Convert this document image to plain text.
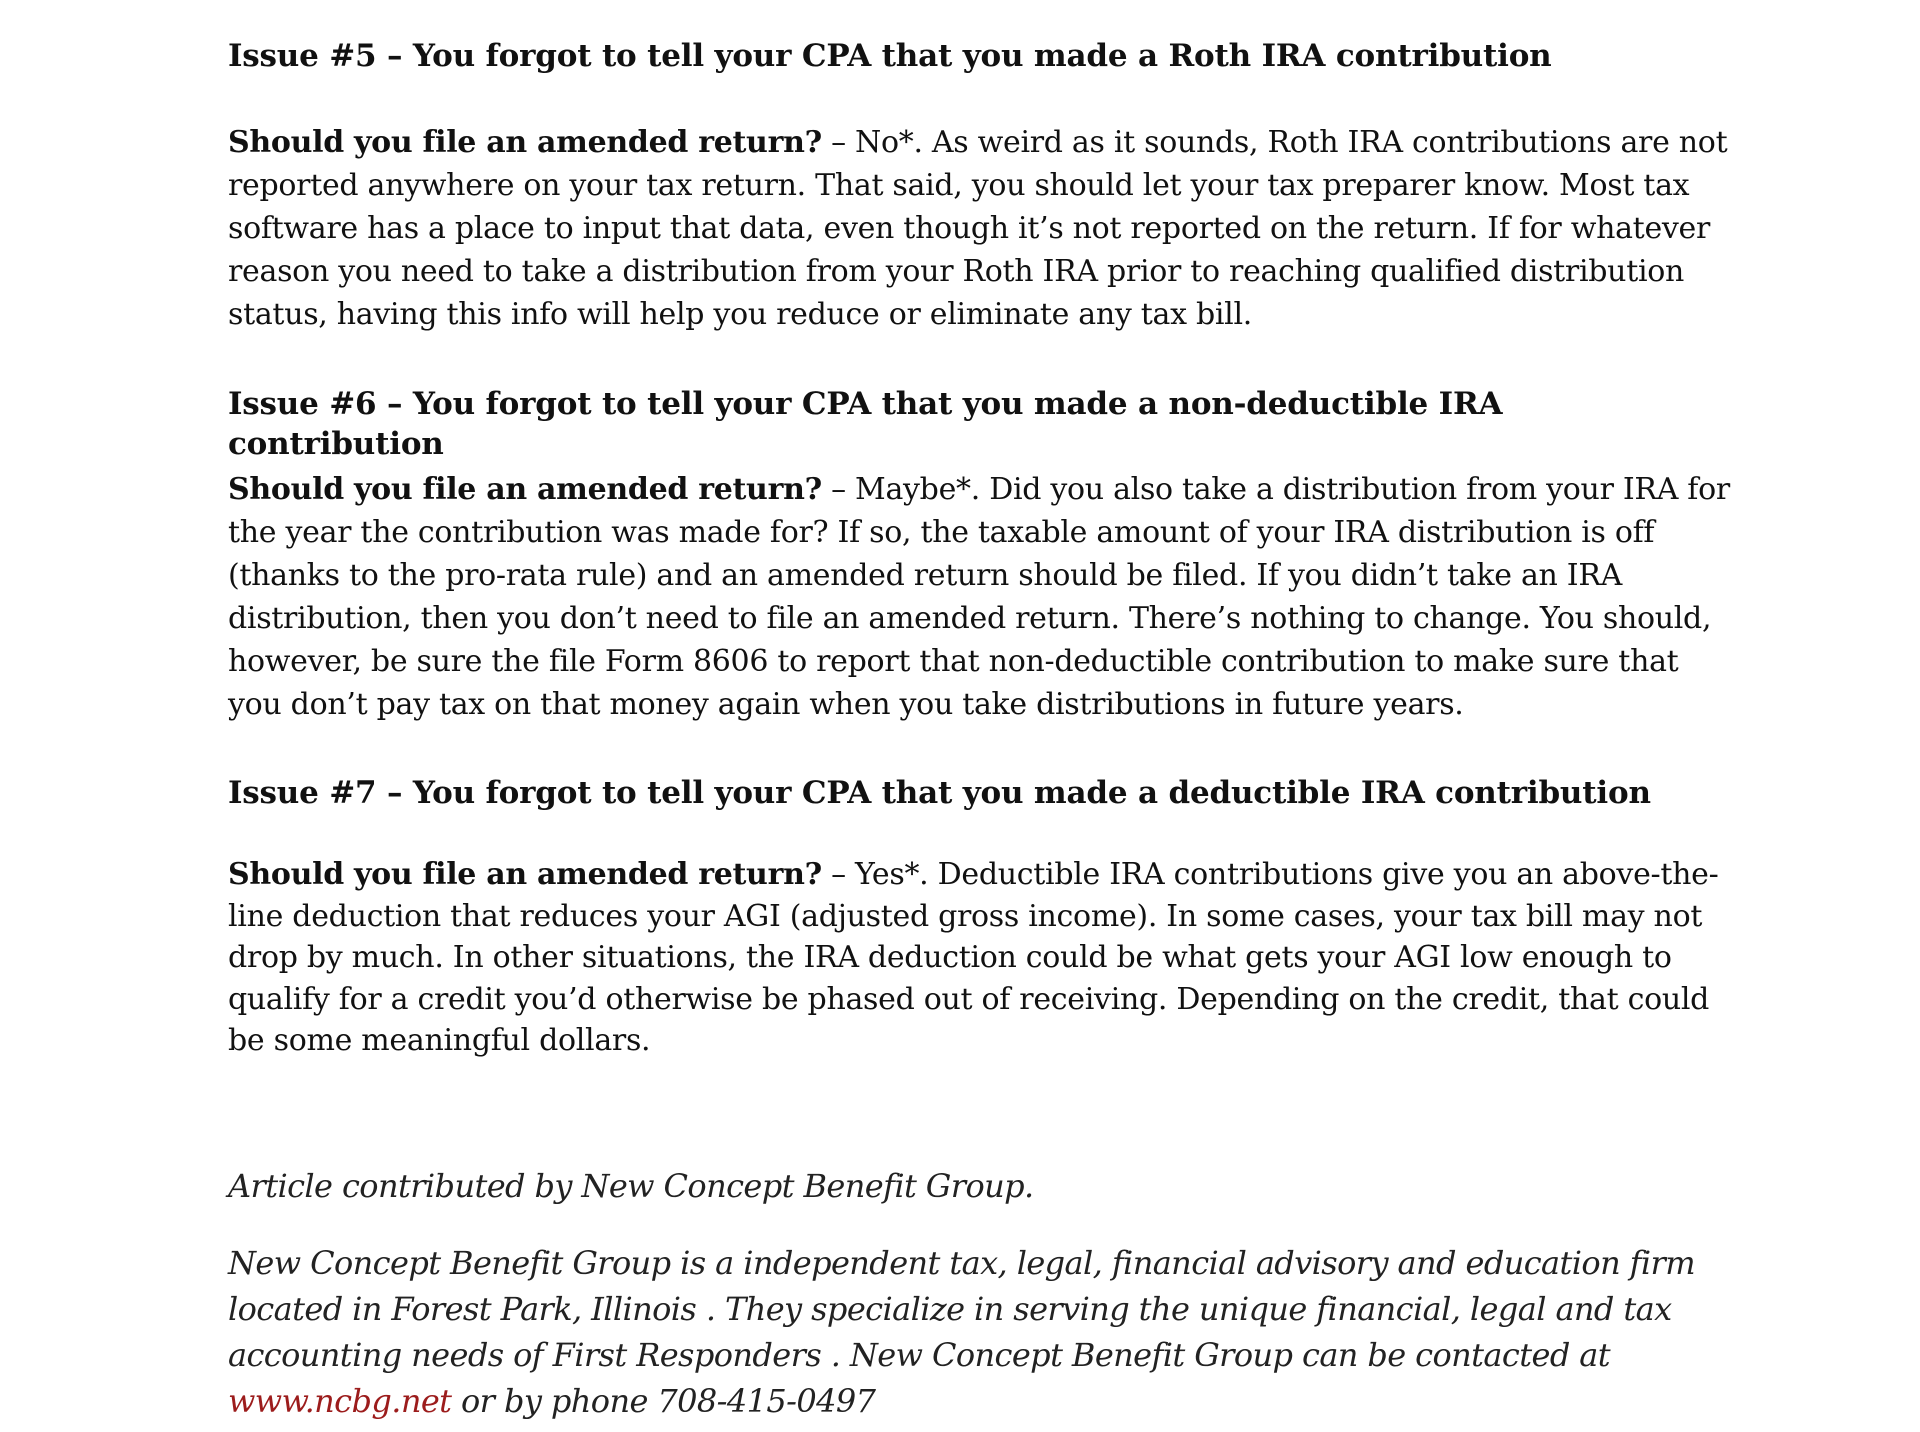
Issue #5 – You forgot to tell your CPA that you made a Roth IRA contribution

Should you file an amended return? – No*. As weird as it sounds, Roth IRA contributions are not reported anywhere on your tax return. That said, you should let your tax preparer know. Most tax software has a place to input that data, even though it’s not reported on the return. If for whatever reason you need to take a distribution from your Roth IRA prior to reaching qualified distribution status, having this info will help you reduce or eliminate any tax bill.

Issue #6 – You forgot to tell your CPA that you made a non-deductible IRA contribution

Should you file an amended return? – Maybe*. Did you also take a distribution from your IRA for the year the contribution was made for? If so, the taxable amount of your IRA distribution is off (thanks to the pro-rata rule) and an amended return should be filed. If you didn’t take an IRA distribution, then you don’t need to file an amended return. There’s nothing to change. You should, however, be sure the file Form 8606 to report that non-deductible contribution to make sure that you don’t pay tax on that money again when you take distributions in future years.

Issue #7 – You forgot to tell your CPA that you made a deductible IRA contribution

Should you file an amended return? – Yes*. Deductible IRA contributions give you an above-the-line deduction that reduces your AGI (adjusted gross income). In some cases, your tax bill may not drop by much. In other situations, the IRA deduction could be what gets your AGI low enough to qualify for a credit you’d otherwise be phased out of receiving. Depending on the credit, that could be some meaningful dollars.

Article contributed by New Concept Benefit Group.

New Concept Benefit Group is a independent tax, legal, financial advisory and education firm located in Forest Park, Illinois . They specialize in serving the unique financial, legal and tax accounting needs of First Responders . New Concept Benefit Group can be contacted at www.ncbg.net or by phone 708-415-0497
